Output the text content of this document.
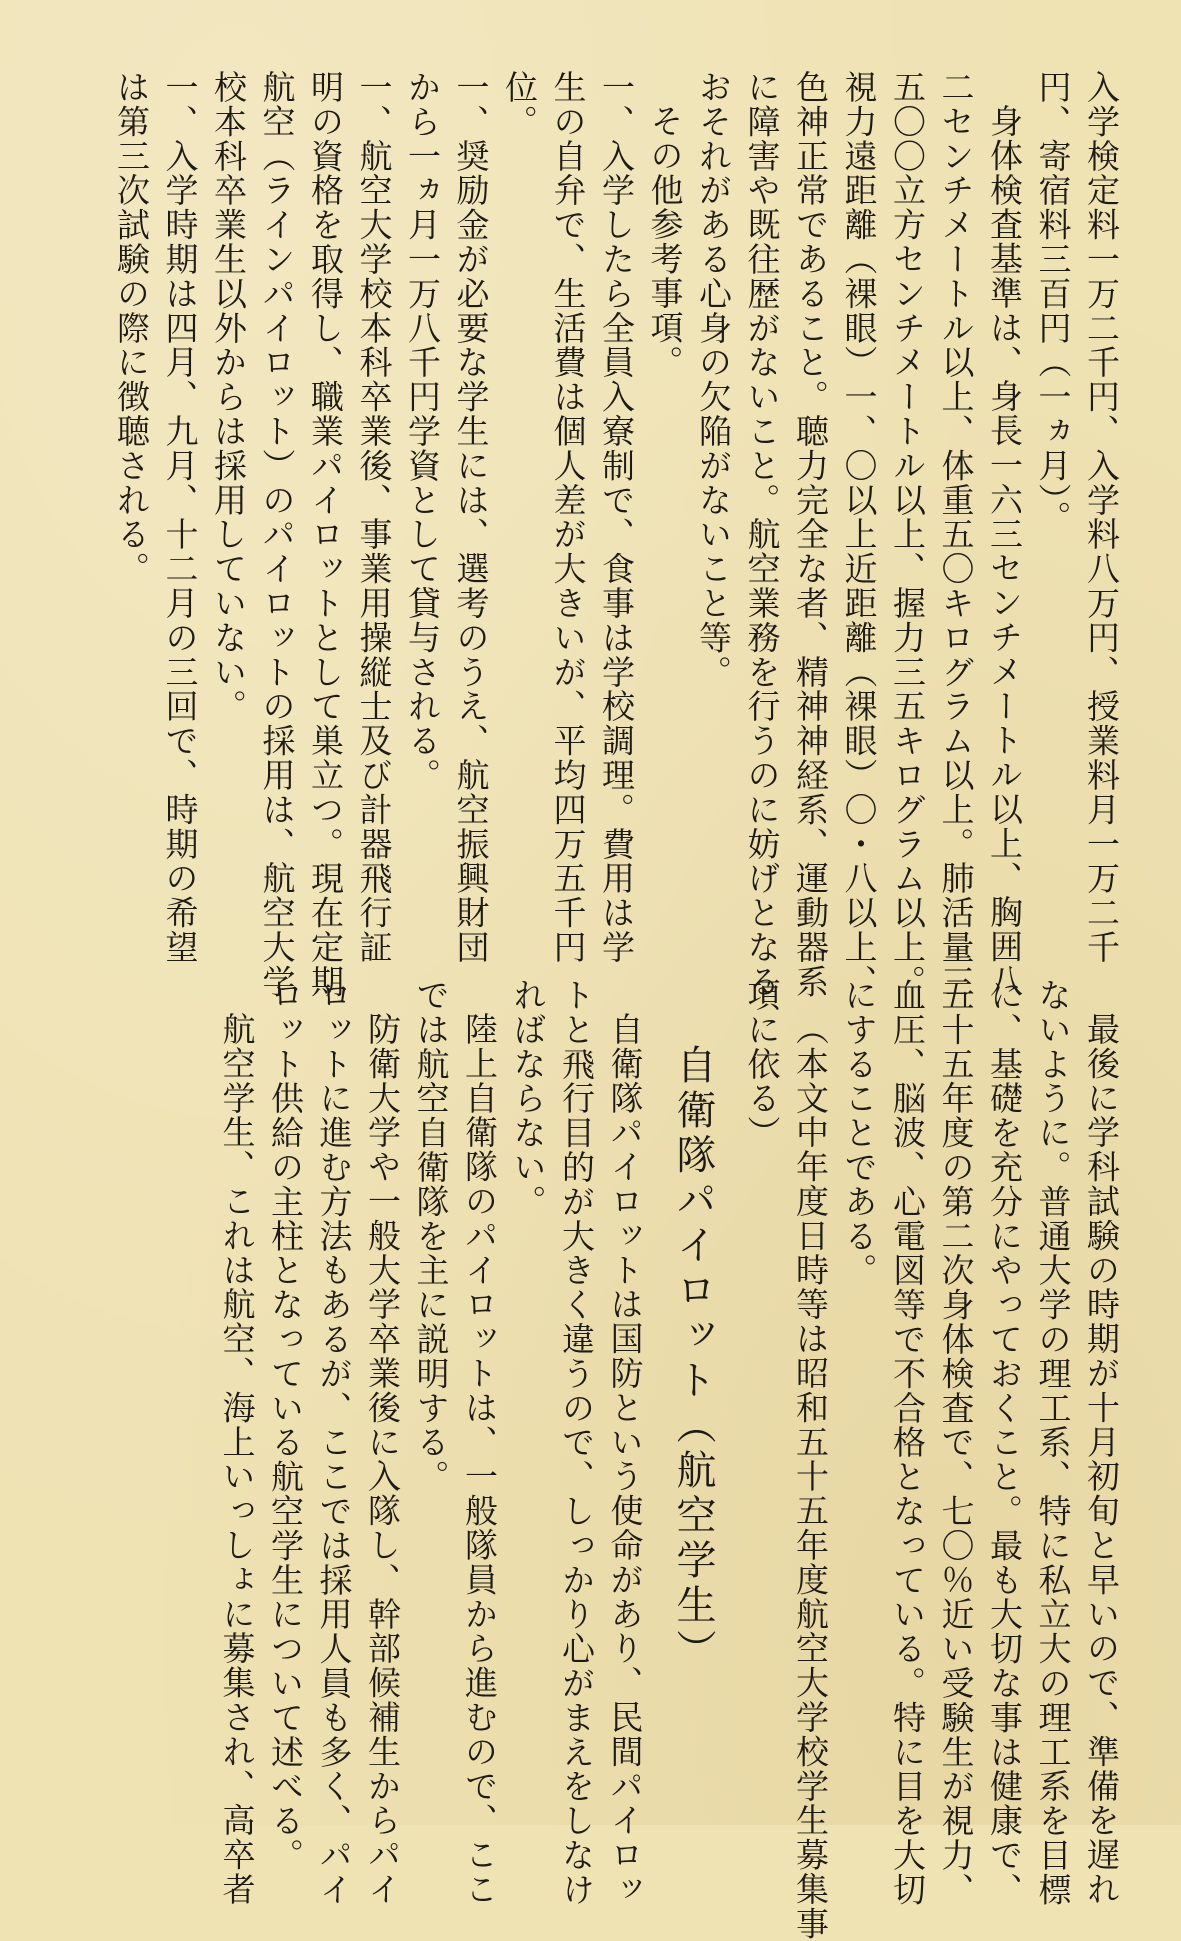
入学検定料一万二千円、入学料八万円、授業料月一万二千
円、寄宿料三百円（一ヵ月）。
身体検査基準は、身長一六三センチメートル以上、胸囲八
二センチメートル以上、体重五〇キログラム以上。肺活量三
五〇〇立方センチメートル以上、握力三五キログラム以上。
視力遠距離（裸眼）一、〇以上近距離（裸眼）〇・八以上、
色神正常であること。聴力完全な者、精神神経系、運動器系
に障害や既往歴がないこと。航空業務を行うのに妨げとなる
おそれがある心身の欠陥がないこと等。
その他参考事項。
一、入学したら全員入寮制で、食事は学校調理。費用は学
生の自弁で、生活費は個人差が大きいが、平均四万五千円
位。
一、奨励金が必要な学生には、選考のうえ、航空振興財団
から一ヵ月一万八千円学資として貸与される。
一、航空大学校本科卒業後、事業用操縦士及び計器飛行証
明の資格を取得し、職業パイロットとして巣立つ。現在定期
航空（ラインパイロット）のパイロットの採用は、航空大学
校本科卒業生以外からは採用していない。
一、入学時期は四月、九月、十二月の三回で、時期の希望
は第三次試験の際に徴聴される。
最後に学科試験の時期が十月初旬と早いので、準備を遅れ
ないように。普通大学の理工系、特に私立大の理工系を目標
に、基礎を充分にやっておくこと。最も大切な事は健康で、
五十五年度の第二次身体検査で、七〇％近い受験生が視力、
血圧、脳波、心電図等で不合格となっている。特に目を大切
にすることである。
（本文中年度日時等は昭和五十五年度航空大学校学生募集事
項に依る）
自衛隊パイロット（航空学生）
自衛隊パイロットは国防という使命があり、民間パイロッ
トと飛行目的が大きく違うので、しっかり心がまえをしなけ
ればならない。
陸上自衛隊のパイロットは、一般隊員から進むので、ここ
では航空自衛隊を主に説明する。
防衛大学や一般大学卒業後に入隊し、幹部候補生からパイ
ロットに進む方法もあるが、ここでは採用人員も多く、パイ
ロット供給の主柱となっている航空学生について述べる。
航空学生、これは航空、海上いっしょに募集され、高卒者
